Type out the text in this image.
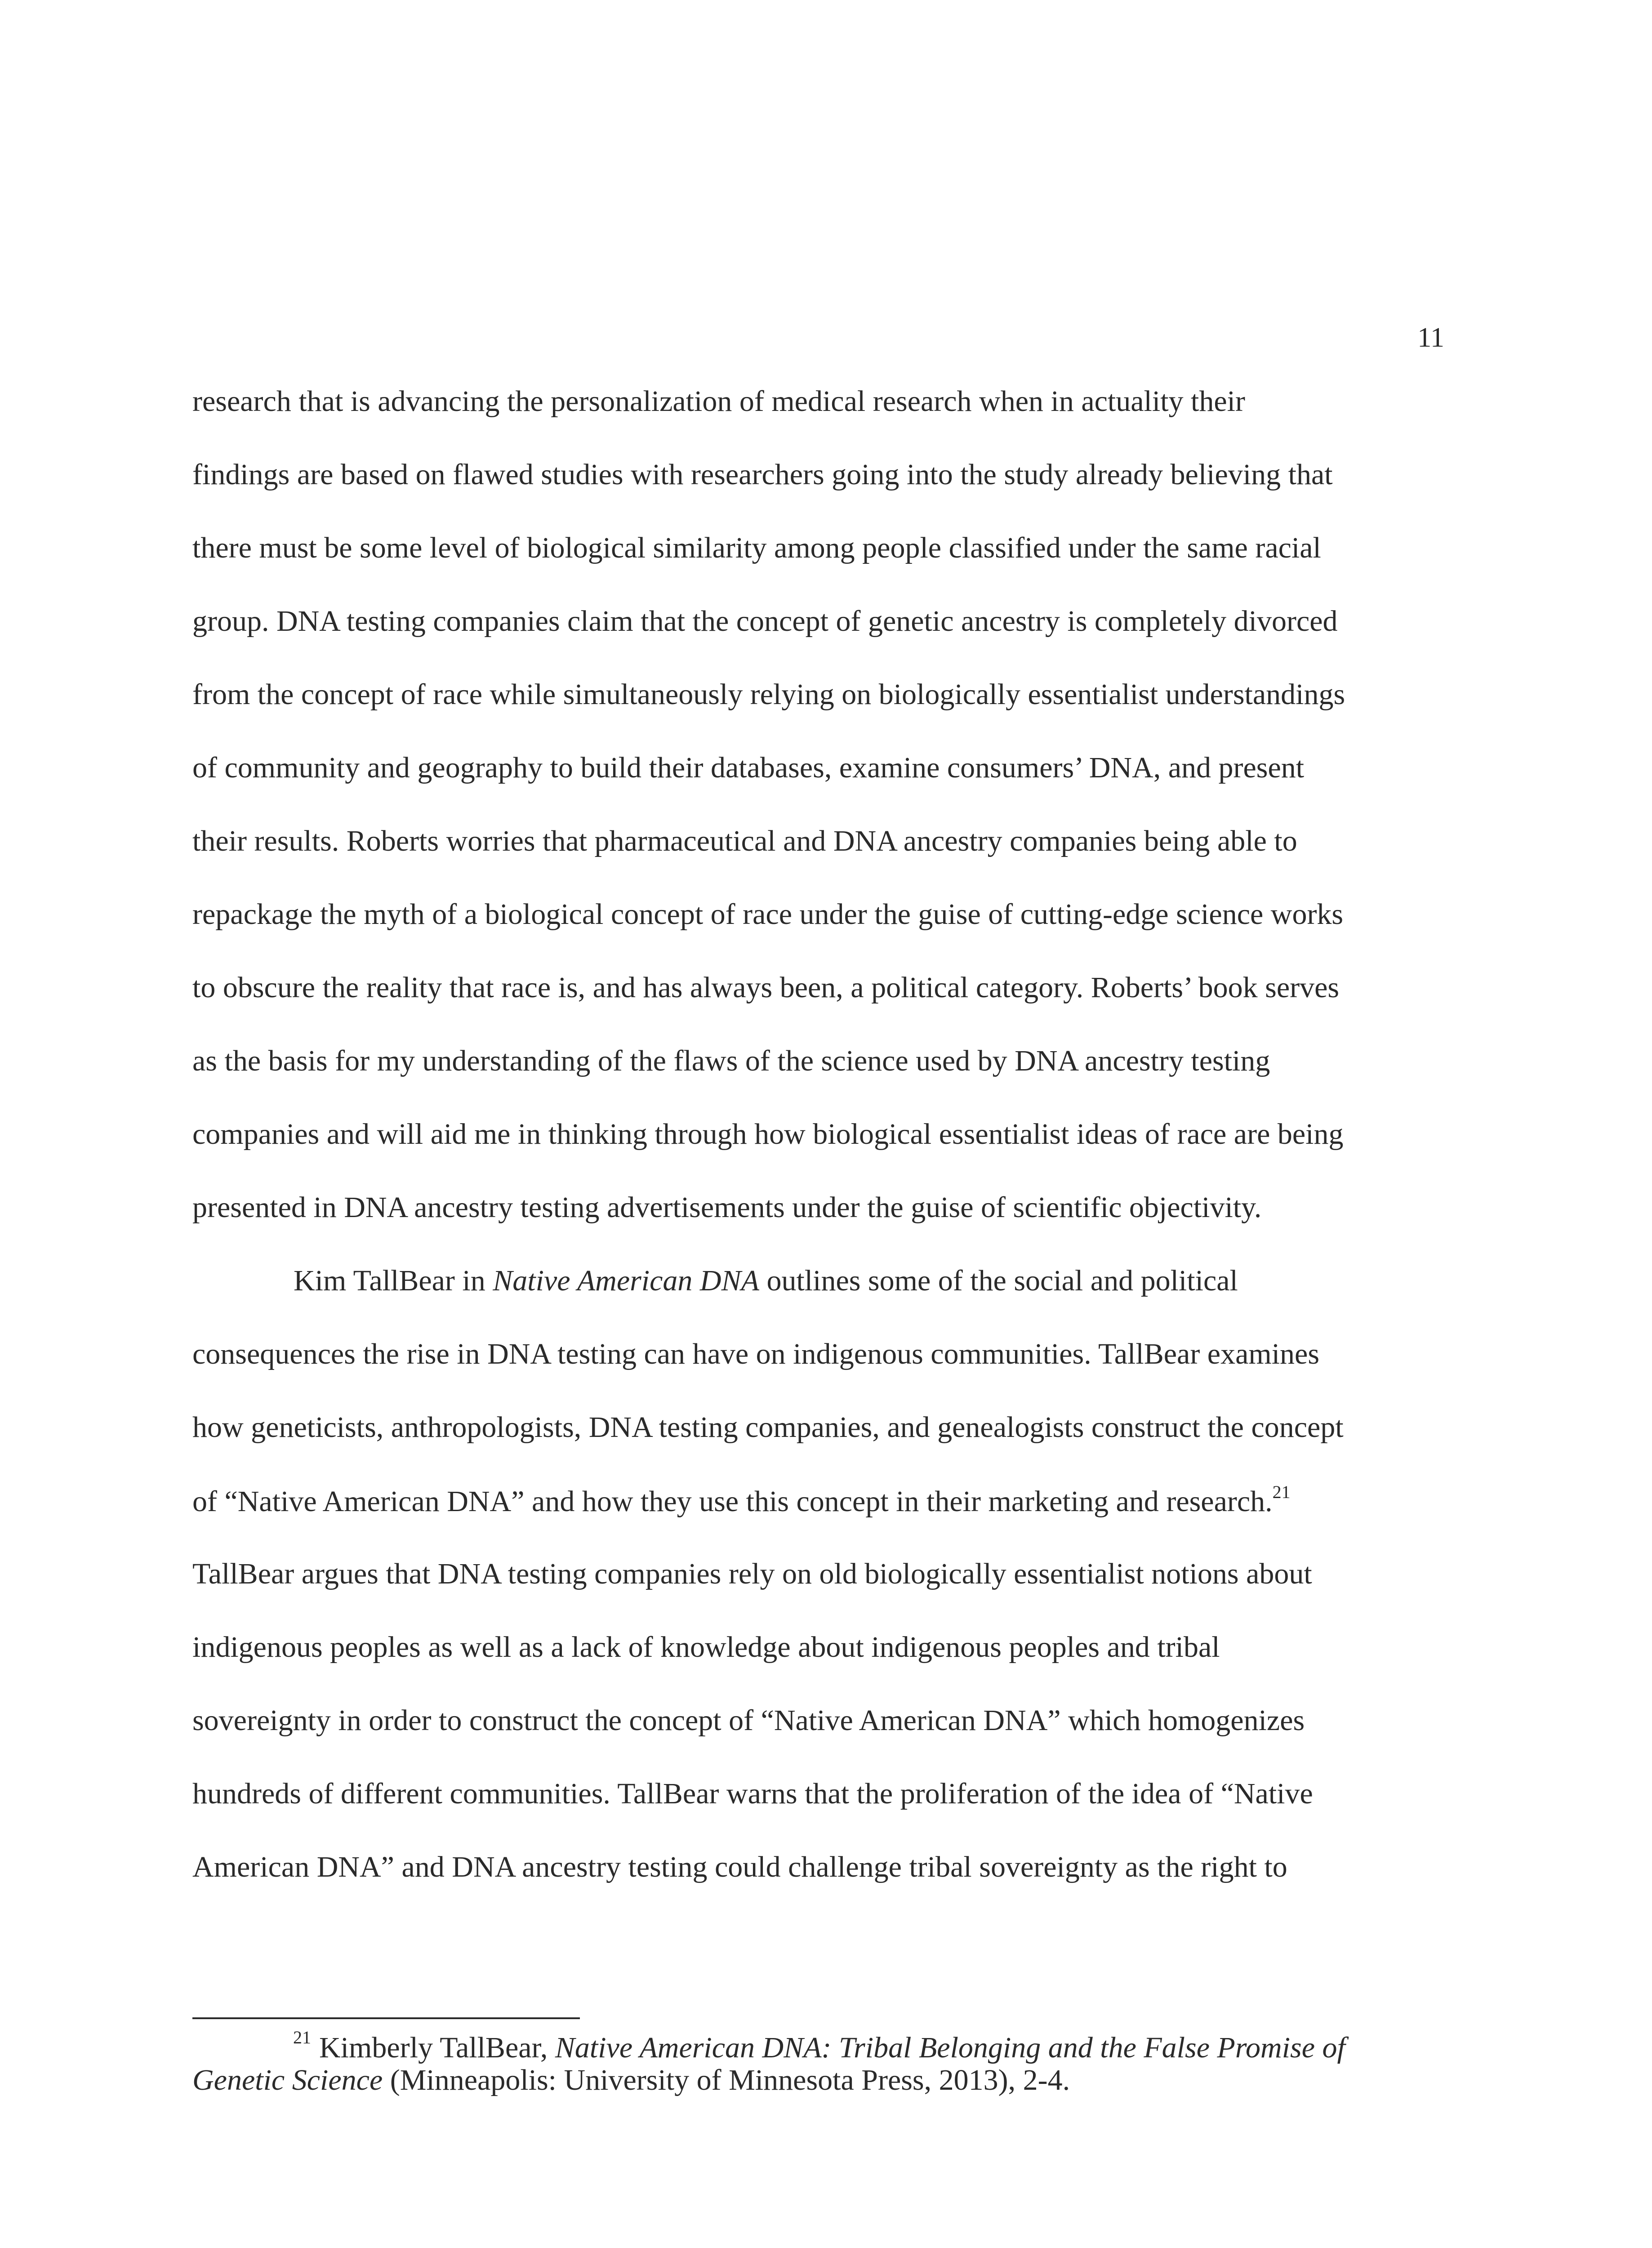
11
research that is advancing the personalization of medical research when in actuality their
findings are based on flawed studies with researchers going into the study already believing that
there must be some level of biological similarity among people classified under the same racial
group. DNA testing companies claim that the concept of genetic ancestry is completely divorced
from the concept of race while simultaneously relying on biologically essentialist understandings
of community and geography to build their databases, examine consumers’ DNA, and present
their results. Roberts worries that pharmaceutical and DNA ancestry companies being able to
repackage the myth of a biological concept of race under the guise of cutting-edge science works
to obscure the reality that race is, and has always been, a political category. Roberts’ book serves
as the basis for my understanding of the flaws of the science used by DNA ancestry testing
companies and will aid me in thinking through how biological essentialist ideas of race are being
presented in DNA ancestry testing advertisements under the guise of scientific objectivity.
Kim TallBear in Native American DNA outlines some of the social and political
consequences the rise in DNA testing can have on indigenous communities. TallBear examines
how geneticists, anthropologists, DNA testing companies, and genealogists construct the concept
of “Native American DNA” and how they use this concept in their marketing and research.$^{21}$
TallBear argues that DNA testing companies rely on old biologically essentialist notions about
indigenous peoples as well as a lack of knowledge about indigenous peoples and tribal
sovereignty in order to construct the concept of “Native American DNA” which homogenizes
hundreds of different communities. TallBear warns that the proliferation of the idea of “Native
American DNA” and DNA ancestry testing could challenge tribal sovereignty as the right to
$^{21}$ Kimberly TallBear, Native American DNA: Tribal Belonging and the False Promise of
Genetic Science (Minneapolis: University of Minnesota Press, 2013), 2-4.
